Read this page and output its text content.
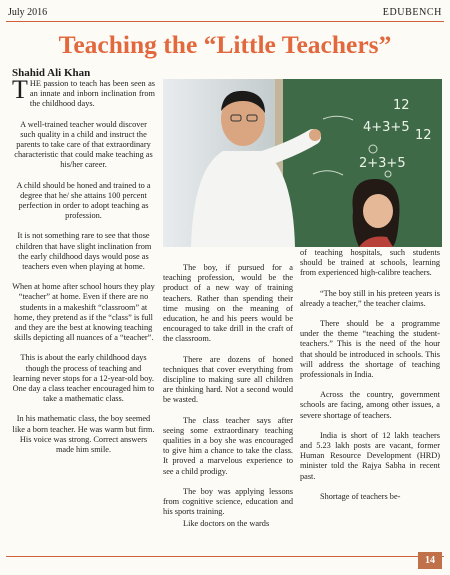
July 2016	EDUBENCH
Teaching the “Little Teachers”
Shahid Ali Khan

THE passion to teach has been seen as an innate and inborn inclination from the childhood days.

A well-trained teacher would discover such quality in a child and instruct the parents to take care of that extraordinary characteristic that could make teaching as his/her career.

A child should be honed and trained to a degree that he/ she attains 100 percent perfection in order to adopt teaching as profession.

It is not something rare to see that those children that have slight inclination from the early childhood days would pose as teachers even when playing at home.

When at home after school hours they play “teacher” at home. Even if there are no students in a makeshift “classroom” at home, they pretend as if the “class” is full and they are the best at knowing teaching skills depicting all nuances of a “teacher”.

This is about the early childhood days though the process of teaching and learning never stops for a 12-year-old boy. One day a class teacher encouraged him to take a mathematic class.

In his mathematic class, the boy seemed like a born teacher. He was warm but firm. His voice was strong. Correct answers made him smile.

4+3+5
2+3+5
12
12

The boy, if pursued for a teaching profession, would be the product of a new way of training teachers. Rather than spending their time musing on the meaning of education, he and his peers would be encouraged to take drill in the craft of the classroom.

There are dozens of honed techniques that cover everything from discipline to making sure all children are thinking hard. Not a second would be wasted.

The class teacher says after seeing some extraordinary teaching qualities in a boy she was encouraged to give him a chance to take the class. It proved a marvelous experience to see a child prodigy.

The boy was applying lessons from cognitive science, education and his sports training.

Like doctors on the wards

of teaching hospitals, such students should be trained at schools, learning from experienced high-calibre teachers.

“The boy still in his preteen years is already a teacher,” the teacher claims.

There should be a programme under the theme “teaching the student-teachers.” This is the need of the hour that should be introduced in schools. This will address the shortage of teaching professionals in India.

Across the country, government schools are facing, among other issues, a severe shortage of teachers.

India is short of 12 lakh teachers and 5.23 lakh posts are vacant, former Human Resource Development (HRD) minister told the Rajya Sabha in recent past.

Shortage of teachers be-

14
